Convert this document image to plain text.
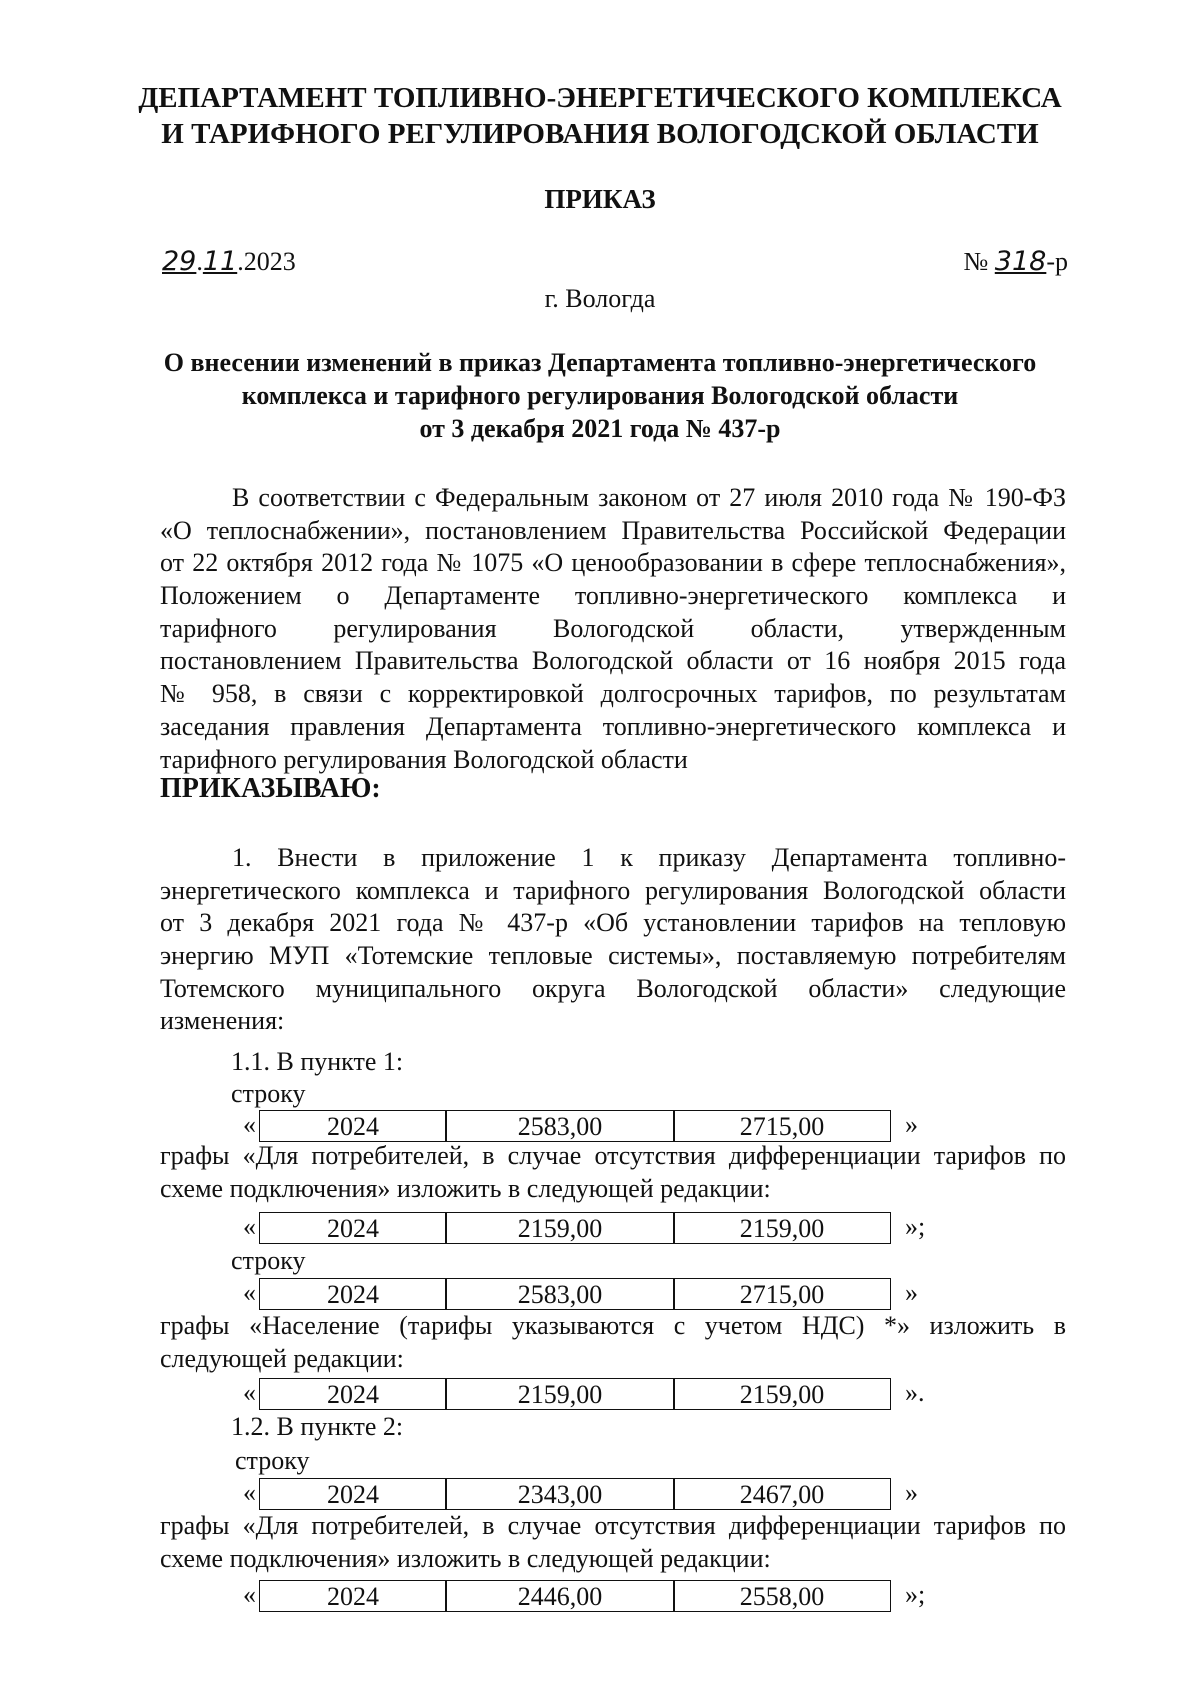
ДЕПАРТАМЕНТ ТОПЛИВНО-ЭНЕРГЕТИЧЕСКОГО КОМПЛЕКСА
И ТАРИФНОГО РЕГУЛИРОВАНИЯ ВОЛОГОДСКОЙ ОБЛАСТИ
ПРИКАЗ
29.11.2023	№ 318-р
г. Вологда
О внесении изменений в приказ Департамента топливно-энергетического
комплекса и тарифного регулирования Вологодской области
от 3 декабря 2021 года № 437-р
В соответствии с Федеральным законом от 27 июля 2010 года № 190-ФЗ
«О теплоснабжении», постановлением Правительства Российской Федерации
от 22 октября 2012 года № 1075 «О ценообразовании в сфере теплоснабжения»,
Положением о Департаменте топливно-энергетического комплекса и
тарифного регулирования Вологодской области, утвержденным
постановлением Правительства Вологодской области от 16 ноября 2015 года
№ 958, в связи с корректировкой долгосрочных тарифов, по результатам
заседания правления Департамента топливно-энергетического комплекса и
тарифного регулирования Вологодской области
ПРИКАЗЫВАЮ:
1. Внести в приложение 1 к приказу Департамента топливно-
энергетического комплекса и тарифного регулирования Вологодской области
от 3 декабря 2021 года № 437-р «Об установлении тарифов на тепловую
энергию МУП «Тотемские тепловые системы», поставляемую потребителям
Тотемского муниципального округа Вологодской области» следующие
изменения:
1.1. В пункте 1:
строку
«	2024	2583,00	2715,00	»
графы «Для потребителей, в случае отсутствия дифференциации тарифов по
схеме подключения» изложить в следующей редакции:
«	2024	2159,00	2159,00	»;
строку
«	2024	2583,00	2715,00	»
графы «Население (тарифы указываются с учетом НДС) *» изложить в
следующей редакции:
«	2024	2159,00	2159,00	».
1.2. В пункте 2:
строку
«	2024	2343,00	2467,00	»
графы «Для потребителей, в случае отсутствия дифференциации тарифов по
схеме подключения» изложить в следующей редакции:
«	2024	2446,00	2558,00	»;
